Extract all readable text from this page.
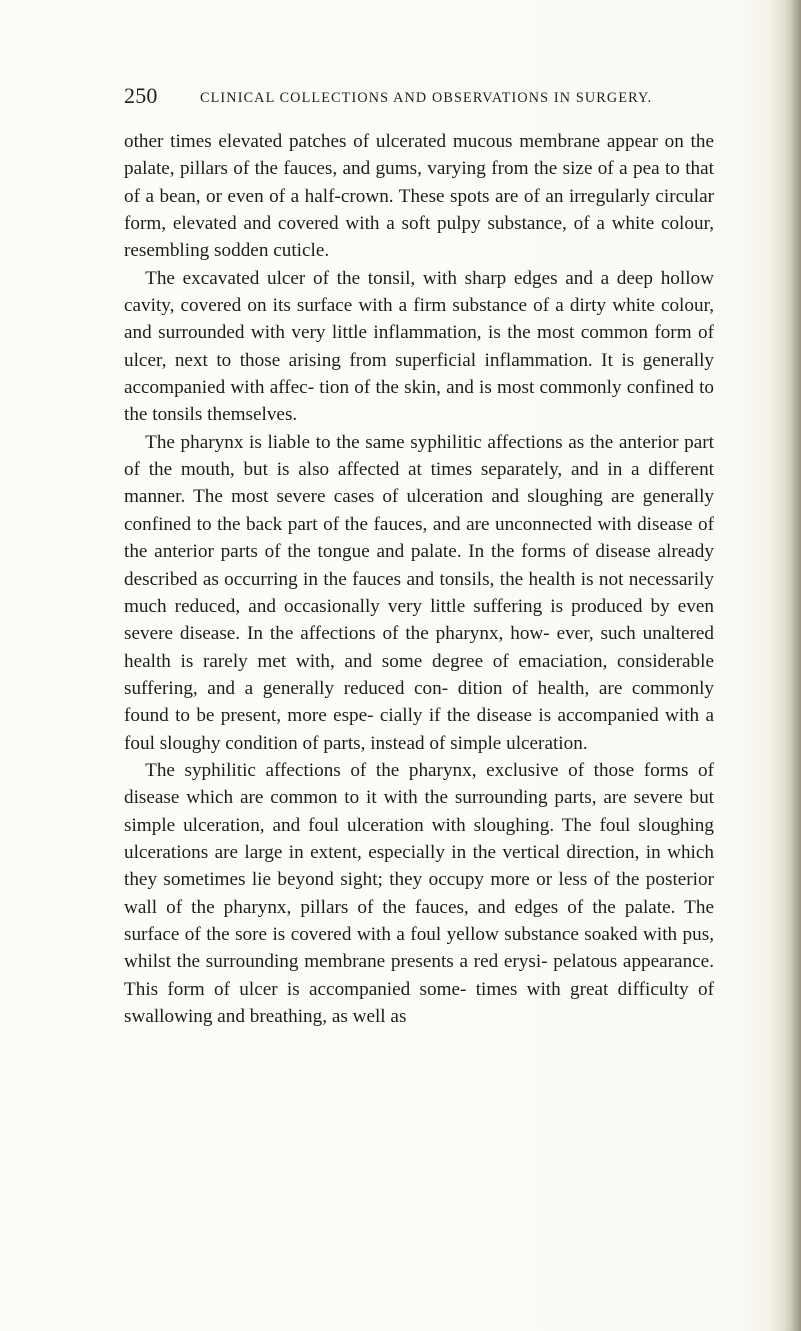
250	CLINICAL COLLECTIONS AND OBSERVATIONS IN SURGERY.

other times elevated patches of ulcerated mucous membrane appear on the palate, pillars of the fauces, and gums, varying from the size of a pea to that of a bean, or even of a half-crown. These spots are of an irregularly circular form, elevated and covered with a soft pulpy substance, of a white colour, resembling sodden cuticle.

The excavated ulcer of the tonsil, with sharp edges and a deep hollow cavity, covered on its surface with a firm substance of a dirty white colour, and surrounded with very little inflammation, is the most common form of ulcer, next to those arising from superficial inflammation. It is generally accompanied with affec- tion of the skin, and is most commonly confined to the tonsils themselves.

The pharynx is liable to the same syphilitic affections as the anterior part of the mouth, but is also affected at times separately, and in a different manner. The most severe cases of ulceration and sloughing are generally confined to the back part of the fauces, and are unconnected with disease of the anterior parts of the tongue and palate. In the forms of disease already described as occurring in the fauces and tonsils, the health is not necessarily much reduced, and occasionally very little suffering is produced by even severe disease. In the affections of the pharynx, how- ever, such unaltered health is rarely met with, and some degree of emaciation, considerable suffering, and a generally reduced con- dition of health, are commonly found to be present, more espe- cially if the disease is accompanied with a foul sloughy condition of parts, instead of simple ulceration.

The syphilitic affections of the pharynx, exclusive of those forms of disease which are common to it with the surrounding parts, are severe but simple ulceration, and foul ulceration with sloughing. The foul sloughing ulcerations are large in extent, especially in the vertical direction, in which they sometimes lie beyond sight; they occupy more or less of the posterior wall of the pharynx, pillars of the fauces, and edges of the palate. The surface of the sore is covered with a foul yellow substance soaked with pus, whilst the surrounding membrane presents a red erysi- pelatous appearance. This form of ulcer is accompanied some- times with great difficulty of swallowing and breathing, as well as
